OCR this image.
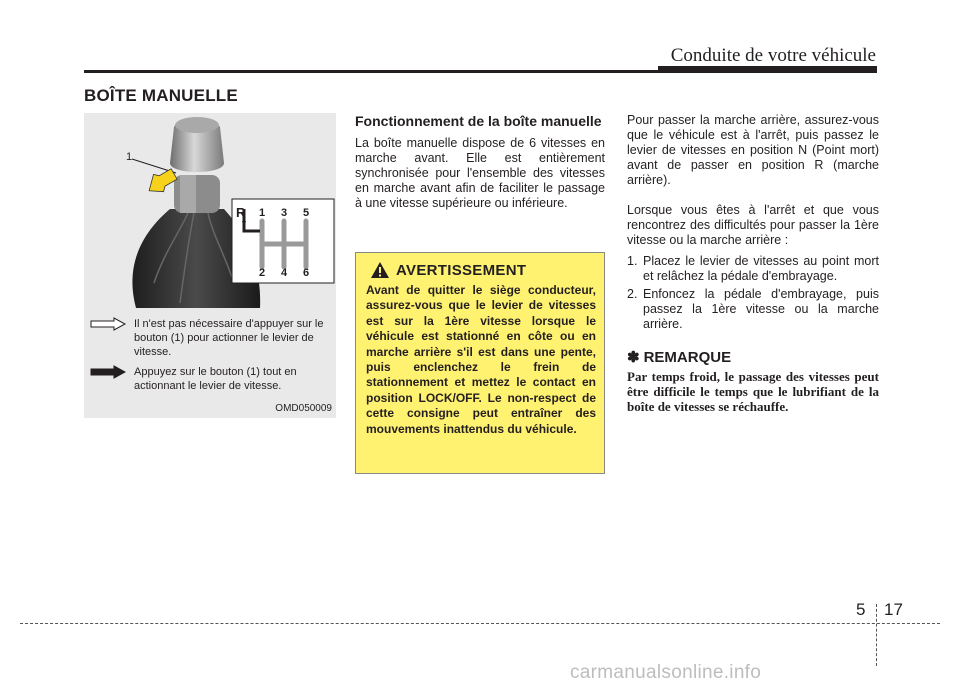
Conduite de votre véhicule
BOÎTE MANUELLE
1
R 1 3 5
2 4 6
Il n'est pas nécessaire d'appuyer sur le bouton (1) pour actionner le levier de vitesse.
Appuyez sur le bouton (1) tout en actionnant le levier de vitesse.
OMD050009
Fonctionnement de la boîte manuelle
La boîte manuelle dispose de 6 vitesses en marche avant. Elle est entièrement synchronisée pour l'ensemble des vitesses en marche avant afin de faciliter le passage à une vitesse supérieure ou inférieure.
AVERTISSEMENT
Avant de quitter le siège conducteur, assurez-vous que le levier de vitesses est sur la 1ère vitesse lorsque le véhicule est stationné en côte ou en marche arrière s'il est dans une pente, puis enclenchez le frein de stationnement et mettez le contact en position LOCK/OFF. Le non-respect de cette consigne peut entraîner des mouvements inattendus du véhicule.
Pour passer la marche arrière, assurez-vous que le véhicule est à l'arrêt, puis passez le levier de vitesses en position N (Point mort) avant de passer en position R (marche arrière).
Lorsque vous êtes à l'arrêt et que vous rencontrez des difficultés pour passer la 1ère vitesse ou la marche arrière :
1. Placez le levier de vitesses au point mort et relâchez la pédale d'embrayage.
2. Enfoncez la pédale d'embrayage, puis passez la 1ère vitesse ou la marche arrière.
✽ REMARQUE
Par temps froid, le passage des vitesses peut être difficile le temps que le lubrifiant de la boîte de vitesses se réchauffe.
5 17
carmanualsonline.info
